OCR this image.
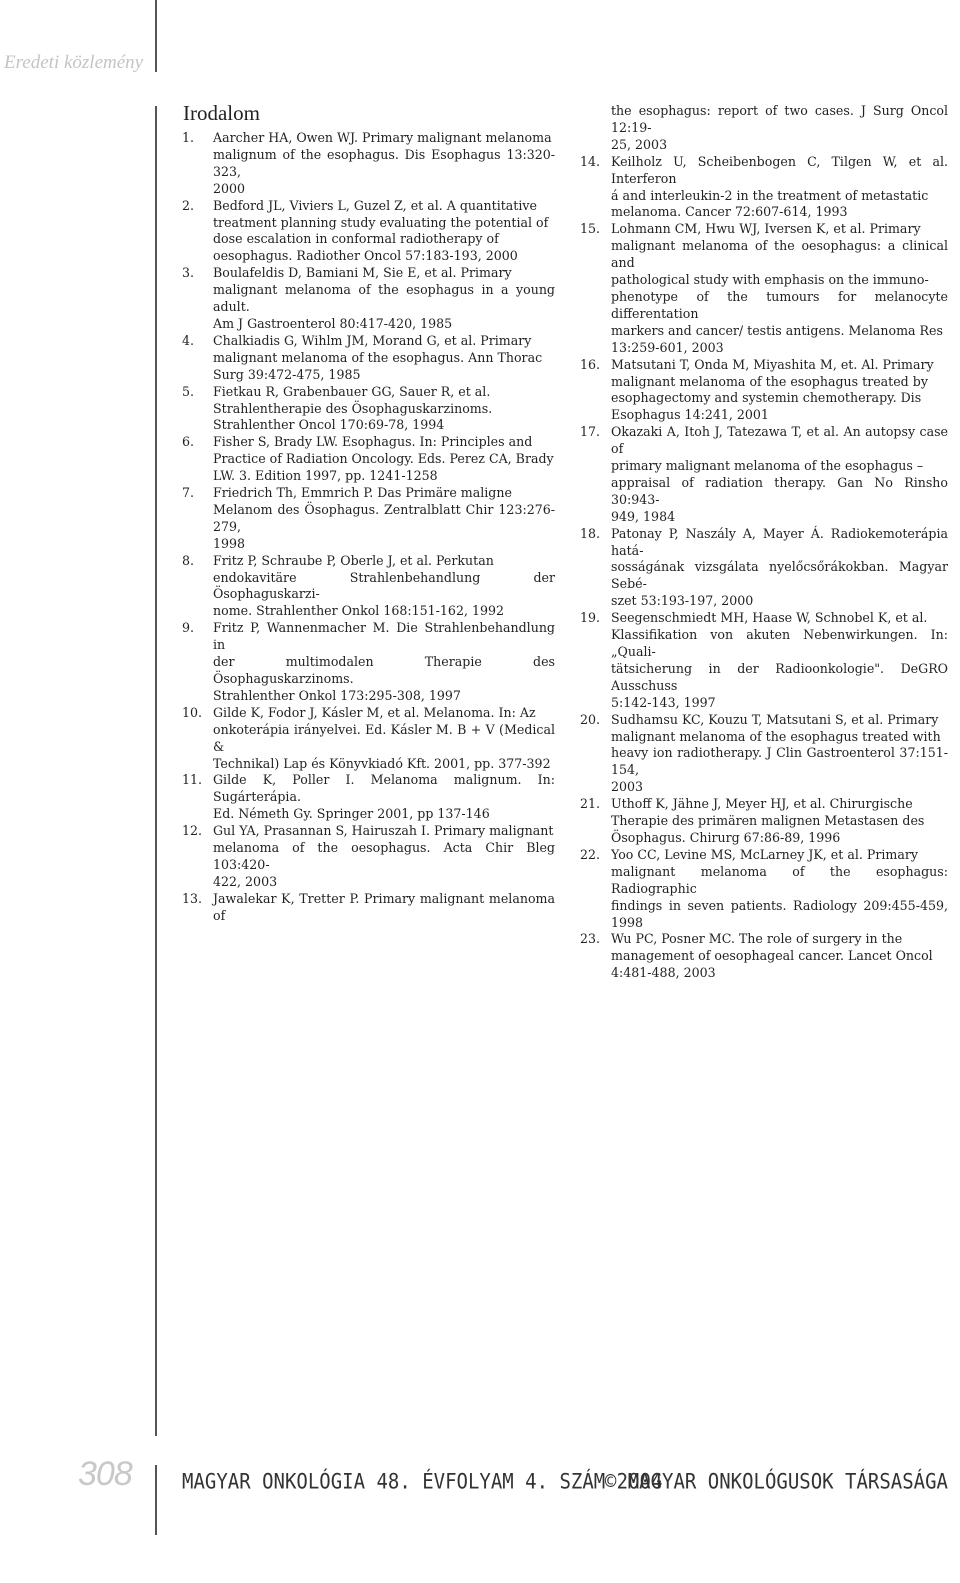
Eredeti közlemény
Irodalom
1. Aarcher HA, Owen WJ. Primary malignant melanoma
malignum of the esophagus. Dis Esophagus 13:320-323,
2000
2. Bedford JL, Viviers L, Guzel Z, et al. A quantitative
treatment planning study evaluating the potential of
dose escalation in conformal radiotherapy of
oesophagus. Radiother Oncol 57:183-193, 2000
3. Boulafeldis D, Bamiani M, Sie E, et al. Primary
malignant melanoma of the esophagus in a young adult.
Am J Gastroenterol 80:417-420, 1985
4. Chalkiadis G, Wihlm JM, Morand G, et al. Primary
malignant melanoma of the esophagus. Ann Thorac
Surg 39:472-475, 1985
5. Fietkau R, Grabenbauer GG, Sauer R, et al.
Strahlentherapie des Ösophaguskarzinoms.
Strahlenther Oncol 170:69-78, 1994
6. Fisher S, Brady LW. Esophagus. In: Principles and
Practice of Radiation Oncology. Eds. Perez CA, Brady
LW. 3. Edition 1997, pp. 1241-1258
7. Friedrich Th, Emmrich P. Das Primäre maligne
Melanom des Ösophagus. Zentralblatt Chir 123:276-279,
1998
8. Fritz P, Schraube P, Oberle J, et al. Perkutan
endokavitäre Strahlenbehandlung der Ösophaguskarzi-
nome. Strahlenther Onkol 168:151-162, 1992
9. Fritz P, Wannenmacher M. Die Strahlenbehandlung in
der multimodalen Therapie des Ösophaguskarzinoms.
Strahlenther Onkol 173:295-308, 1997
10. Gilde K, Fodor J, Kásler M, et al. Melanoma. In: Az
onkoterápia irányelvei. Ed. Kásler M. B + V (Medical &
Technikal) Lap és Könyvkiadó Kft. 2001, pp. 377-392
11. Gilde K, Poller I. Melanoma malignum. In: Sugárterápia.
Ed. Németh Gy. Springer 2001, pp 137-146
12. Gul YA, Prasannan S, Hairuszah I. Primary malignant
melanoma of the oesophagus. Acta Chir Bleg 103:420-
422, 2003
13. Jawalekar K, Tretter P. Primary malignant melanoma of
the esophagus: report of two cases. J Surg Oncol 12:19-
25, 2003
14. Keilholz U, Scheibenbogen C, Tilgen W, et al. Interferon
á and interleukin-2 in the treatment of metastatic
melanoma. Cancer 72:607-614, 1993
15. Lohmann CM, Hwu WJ, Iversen K, et al. Primary
malignant melanoma of the oesophagus: a clinical and
pathological study with emphasis on the immuno-
phenotype of the tumours for melanocyte differentation
markers and cancer/ testis antigens. Melanoma Res
13:259-601, 2003
16. Matsutani T, Onda M, Miyashita M, et. Al. Primary
malignant melanoma of the esophagus treated by
esophagectomy and systemin chemotherapy. Dis
Esophagus 14:241, 2001
17. Okazaki A, Itoh J, Tatezawa T, et al. An autopsy case of
primary malignant melanoma of the esophagus –
appraisal of radiation therapy. Gan No Rinsho 30:943-
949, 1984
18. Patonay P, Naszály A, Mayer Á. Radiokemoterápia hatá-
sosságának vizsgálata nyelőcsőrákokban. Magyar Sebé-
szet 53:193-197, 2000
19. Seegenschmiedt MH, Haase W, Schnobel K, et al.
Klassifikation von akuten Nebenwirkungen. In: „Quali-
tätsicherung in der Radioonkologie". DeGRO Ausschuss
5:142-143, 1997
20. Sudhamsu KC, Kouzu T, Matsutani S, et al. Primary
malignant melanoma of the esophagus treated with
heavy ion radiotherapy. J Clin Gastroenterol 37:151-154,
2003
21. Uthoff K, Jähne J, Meyer HJ, et al. Chirurgische
Therapie des primären malignen Metastasen des
Ösophagus. Chirurg 67:86-89, 1996
22. Yoo CC, Levine MS, McLarney JK, et al. Primary
malignant melanoma of the esophagus: Radiographic
findings in seven patients. Radiology 209:455-459, 1998
23. Wu PC, Posner MC. The role of surgery in the
management of oesophageal cancer. Lancet Oncol
4:481-488, 2003
308	MAGYAR ONKOLÓGIA 48. ÉVFOLYAM 4. SZÁM 2004
© MAGYAR ONKOLÓGUSOK TÁRSASÁGA
